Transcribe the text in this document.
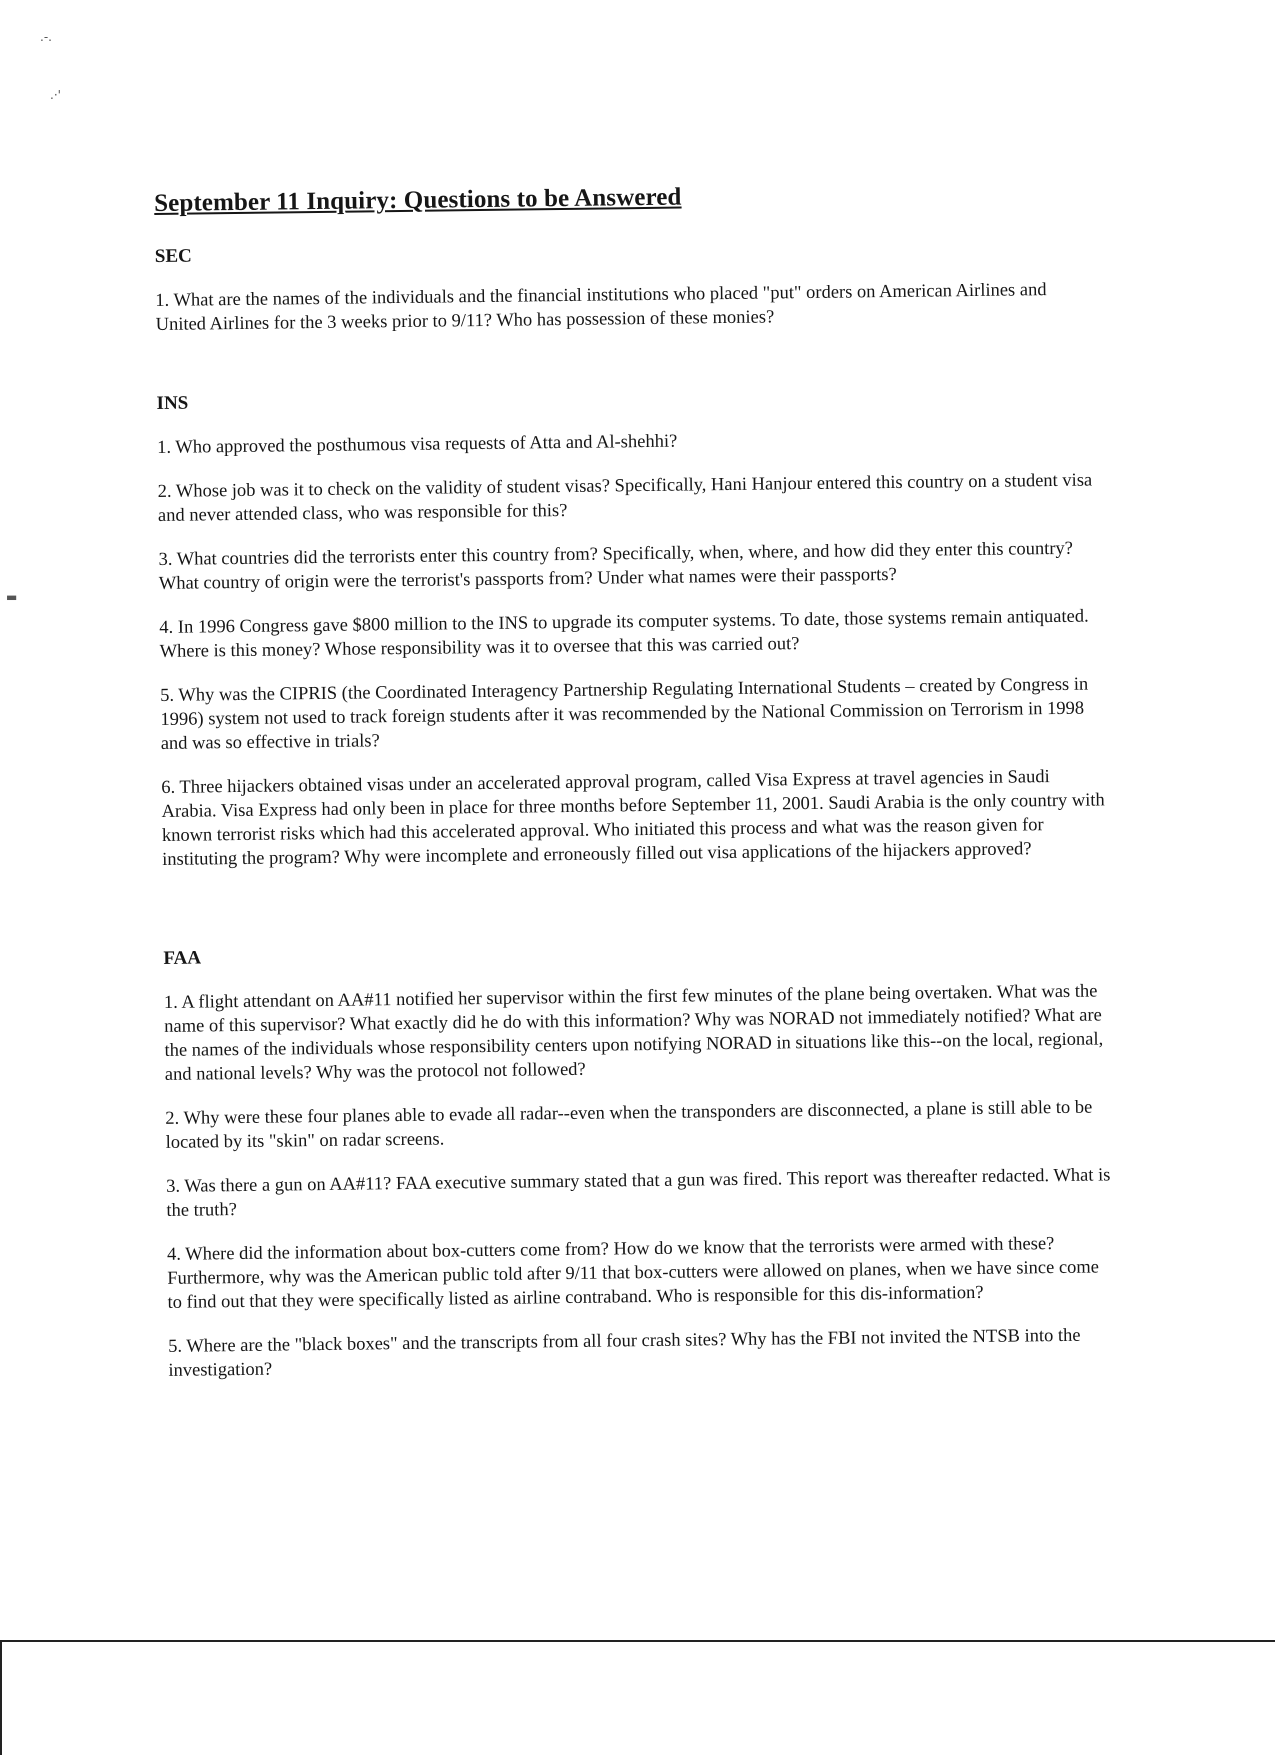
.-.
.·'
▬
September 11 Inquiry: Questions to be Answered
SEC

1. What are the names of the individuals and the financial institutions who placed "put" orders on American Airlines and United Airlines for the 3 weeks prior to 9/11? Who has possession of these monies?

INS

1. Who approved the posthumous visa requests of Atta and Al-shehhi?

2. Whose job was it to check on the validity of student visas? Specifically, Hani Hanjour entered this country on a student visa and never attended class, who was responsible for this?

3. What countries did the terrorists enter this country from? Specifically, when, where, and how did they enter this country? What country of origin were the terrorist's passports from? Under what names were their passports?

4. In 1996 Congress gave $800 million to the INS to upgrade its computer systems. To date, those systems remain antiquated. Where is this money? Whose responsibility was it to oversee that this was carried out?

5. Why was the CIPRIS (the Coordinated Interagency Partnership Regulating International Students – created by Congress in 1996) system not used to track foreign students after it was recommended by the National Commission on Terrorism in 1998 and was so effective in trials?

6. Three hijackers obtained visas under an accelerated approval program, called Visa Express at travel agencies in Saudi Arabia. Visa Express had only been in place for three months before September 11, 2001. Saudi Arabia is the only country with known terrorist risks which had this accelerated approval. Who initiated this process and what was the reason given for instituting the program? Why were incomplete and erroneously filled out visa applications of the hijackers approved?

FAA

1. A flight attendant on AA#11 notified her supervisor within the first few minutes of the plane being overtaken. What was the name of this supervisor? What exactly did he do with this information? Why was NORAD not immediately notified? What are the names of the individuals whose responsibility centers upon notifying NORAD in situations like this--on the local, regional, and national levels? Why was the protocol not followed?

2. Why were these four planes able to evade all radar--even when the transponders are disconnected, a plane is still able to be located by its "skin" on radar screens.

3. Was there a gun on AA#11? FAA executive summary stated that a gun was fired. This report was thereafter redacted. What is the truth?

4. Where did the information about box-cutters come from? How do we know that the terrorists were armed with these? Furthermore, why was the American public told after 9/11 that box-cutters were allowed on planes, when we have since come to find out that they were specifically listed as airline contraband. Who is responsible for this dis-information?

5. Where are the "black boxes" and the transcripts from all four crash sites? Why has the FBI not invited the NTSB into the investigation?
